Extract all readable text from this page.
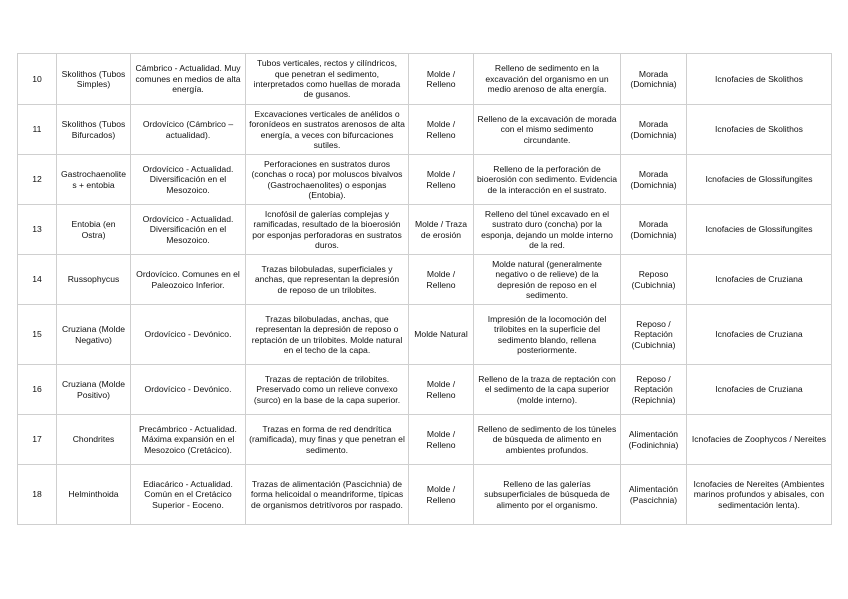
10	Skolithos (Tubos Simples)	Cámbrico - Actualidad. Muy comunes en medios de alta energía.	Tubos verticales, rectos y cilíndricos, que penetran el sedimento, interpretados como huellas de morada de gusanos.	Molde / Relleno	Relleno de sedimento en la excavación del organismo en un medio arenoso de alta energía.	Morada (Domichnia)	Icnofacies de Skolithos
11	Skolithos (Tubos Bifurcados)	Ordovícico (Cámbrico – actualidad).	Excavaciones verticales de anélidos o foronídeos en sustratos arenosos de alta energía, a veces con bifurcaciones sutiles.	Molde / Relleno	Relleno de la excavación de morada con el mismo sedimento circundante.	Morada (Domichnia)	Icnofacies de Skolithos
12	Gastrochaenolites + entobia	Ordovícico - Actualidad. Diversificación en el Mesozoico.	Perforaciones en sustratos duros (conchas o roca) por moluscos bivalvos (Gastrochaenolites) o esponjas (Entobia).	Molde / Relleno	Relleno de la perforación de bioerosión con sedimento. Evidencia de la interacción en el sustrato.	Morada (Domichnia)	Icnofacies de Glossifungites
13	Entobia (en Ostra)	Ordovícico - Actualidad. Diversificación en el Mesozoico.	Icnofósil de galerías complejas y ramificadas, resultado de la bioerosión por esponjas perforadoras en sustratos duros.	Molde / Traza de erosión	Relleno del túnel excavado en el sustrato duro (concha) por la esponja, dejando un molde interno de la red.	Morada (Domichnia)	Icnofacies de Glossifungites
14	Russophycus	Ordovícico. Comunes en el Paleozoico Inferior.	Trazas bilobuladas, superficiales y anchas, que representan la depresión de reposo de un trilobites.	Molde / Relleno	Molde natural (generalmente negativo o de relieve) de la depresión de reposo en el sedimento.	Reposo (Cubichnia)	Icnofacies de Cruziana
15	Cruziana (Molde Negativo)	Ordovícico - Devónico.	Trazas bilobuladas, anchas, que representan la depresión de reposo o reptación de un trilobites. Molde natural en el techo de la capa.	Molde Natural	Impresión de la locomoción del trilobites en la superficie del sedimento blando, rellena posteriormente.	Reposo / Reptación (Cubichnia)	Icnofacies de Cruziana
16	Cruziana (Molde Positivo)	Ordovícico - Devónico.	Trazas de reptación de trilobites. Preservado como un relieve convexo (surco) en la base de la capa superior.	Molde / Relleno	Relleno de la traza de reptación con el sedimento de la capa superior (molde interno).	Reposo / Reptación (Repichnia)	Icnofacies de Cruziana
17	Chondrites	Precámbrico - Actualidad. Máxima expansión en el Mesozoico (Cretácico).	Trazas en forma de red dendrítica (ramificada), muy finas y que penetran el sedimento.	Molde / Relleno	Relleno de sedimento de los túneles de búsqueda de alimento en ambientes profundos.	Alimentación (Fodinichnia)	Icnofacies de Zoophycos / Nereites
18	Helminthoida	Ediacárico - Actualidad. Común en el Cretácico Superior - Eoceno.	Trazas de alimentación (Pascichnia) de forma helicoidal o meandriforme, típicas de organismos detritívoros por raspado.	Molde / Relleno	Relleno de las galerías subsuperficiales de búsqueda de alimento por el organismo.	Alimentación (Pascichnia)	Icnofacies de Nereites (Ambientes marinos profundos y abisales, con sedimentación lenta).
